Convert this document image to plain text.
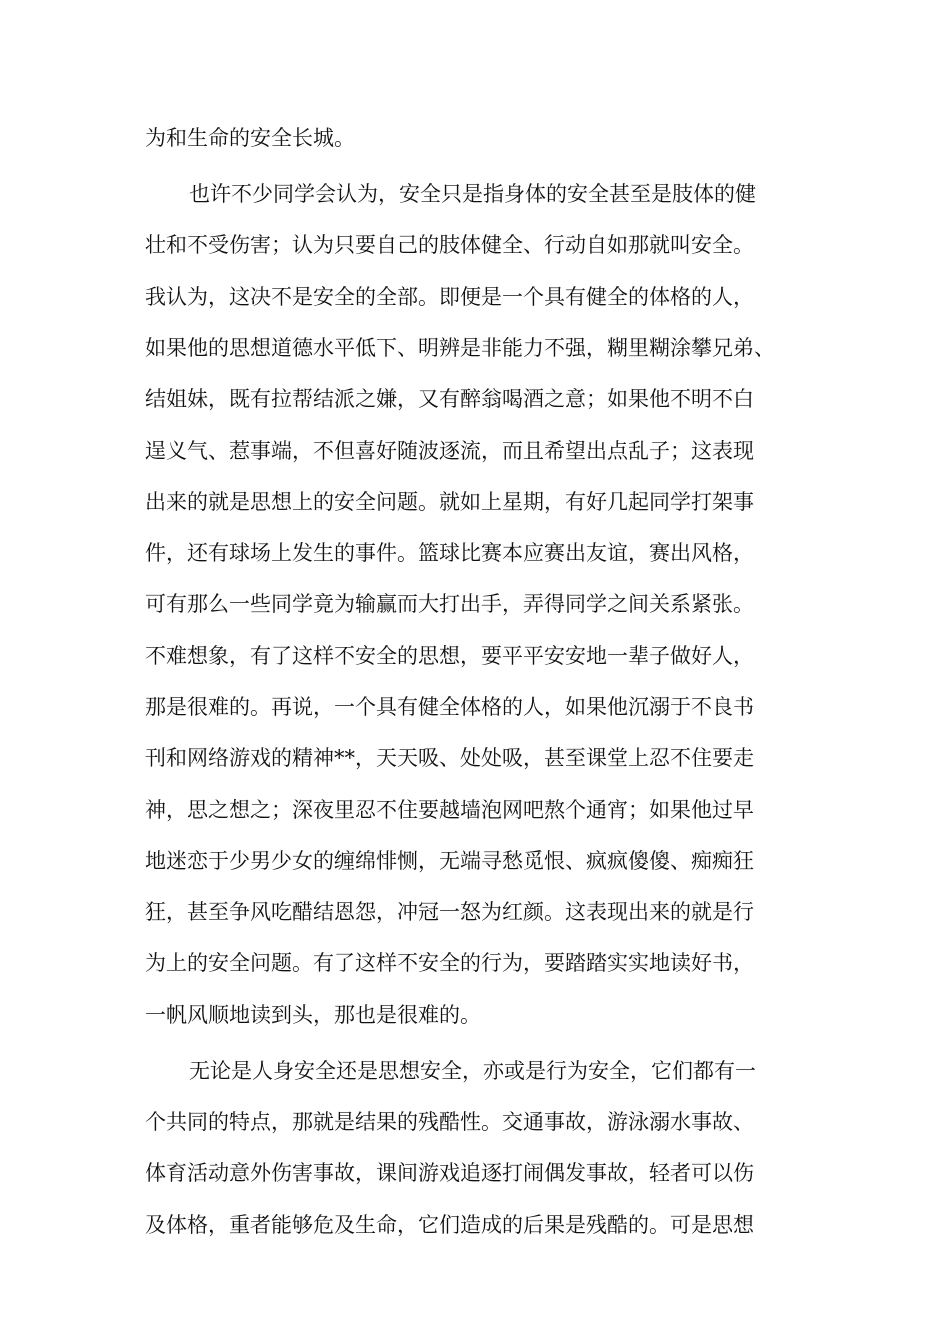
为和生命的安全长城。

也许不少同学会认为，安全只是指身体的安全甚至是肢体的健

壮和不受伤害；认为只要自己的肢体健全、行动自如那就叫安全。

我认为，这决不是安全的全部。即便是一个具有健全的体格的人，

如果他的思想道德水平低下、明辨是非能力不强，糊里糊涂攀兄弟、

结姐妹，既有拉帮结派之嫌，又有醉翁喝酒之意；如果他不明不白

逞义气、惹事端，不但喜好随波逐流，而且希望出点乱子；这表现

出来的就是思想上的安全问题。就如上星期，有好几起同学打架事

件，还有球场上发生的事件。篮球比赛本应赛出友谊，赛出风格，

可有那么一些同学竟为输赢而大打出手，弄得同学之间关系紧张。

不难想象，有了这样不安全的思想，要平平安安地一辈子做好人，

那是很难的。再说，一个具有健全体格的人，如果他沉溺于不良书

刊和网络游戏的精神**，天天吸、处处吸，甚至课堂上忍不住要走

神，思之想之；深夜里忍不住要越墙泡网吧熬个通宵；如果他过早

地迷恋于少男少女的缠绵悱恻，无端寻愁觅恨、疯疯傻傻、痴痴狂

狂，甚至争风吃醋结恩怨，冲冠一怒为红颜。这表现出来的就是行

为上的安全问题。有了这样不安全的行为，要踏踏实实地读好书，

一帆风顺地读到头，那也是很难的。

无论是人身安全还是思想安全，亦或是行为安全，它们都有一

个共同的特点，那就是结果的残酷性。交通事故，游泳溺水事故、

体育活动意外伤害事故，课间游戏追逐打闹偶发事故，轻者可以伤

及体格，重者能够危及生命，它们造成的后果是残酷的。可是思想
